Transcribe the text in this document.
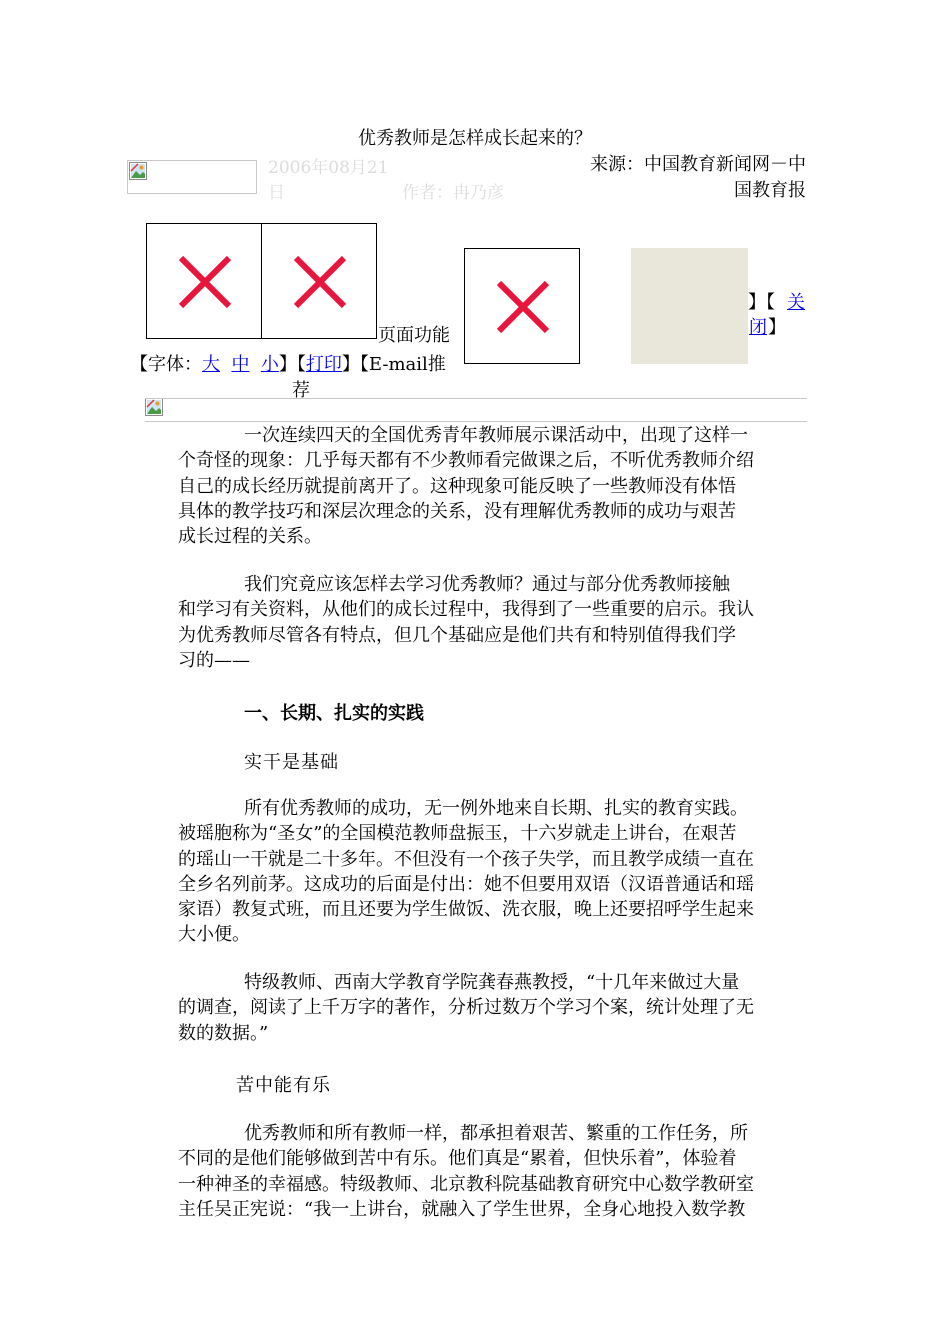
优秀教师是怎样成长起来的？
2006年08月21
日	作者：冉乃彦
来源：中国教育新闻网－中
国教育报
页面功能
【字体：大 中 小】【打印】【E-mail推
荐
】【 关
闭 】
一次连续四天的全国优秀青年教师展示课活动中，出现了这样一
个奇怪的现象：几乎每天都有不少教师看完做课之后，不听优秀教师介绍
自己的成长经历就提前离开了。这种现象可能反映了一些教师没有体悟
具体的教学技巧和深层次理念的关系，没有理解优秀教师的成功与艰苦
成长过程的关系。
我们究竟应该怎样去学习优秀教师？通过与部分优秀教师接触
和学习有关资料，从他们的成长过程中，我得到了一些重要的启示。我认
为优秀教师尽管各有特点，但几个基础应是他们共有和特别值得我们学
习的——
一、长期、扎实的实践
实干是基础
所有优秀教师的成功，无一例外地来自长期、扎实的教育实践。
被瑶胞称为“圣女”的全国模范教师盘振玉，十六岁就走上讲台，在艰苦
的瑶山一干就是二十多年。不但没有一个孩子失学，而且教学成绩一直在
全乡名列前茅。这成功的后面是付出：她不但要用双语（汉语普通话和瑶
家语）教复式班，而且还要为学生做饭、洗衣服，晚上还要招呼学生起来
大小便。
特级教师、西南大学教育学院龚春燕教授，“十几年来做过大量
的调查，阅读了上千万字的著作，分析过数万个学习个案，统计处理了无
数的数据。”
苦中能有乐
优秀教师和所有教师一样，都承担着艰苦、繁重的工作任务，所
不同的是他们能够做到苦中有乐。他们真是“累着，但快乐着”，体验着
一种神圣的幸福感。特级教师、北京教科院基础教育研究中心数学教研室
主任吴正宪说：“我一上讲台，就融入了学生世界，全身心地投入数学教
